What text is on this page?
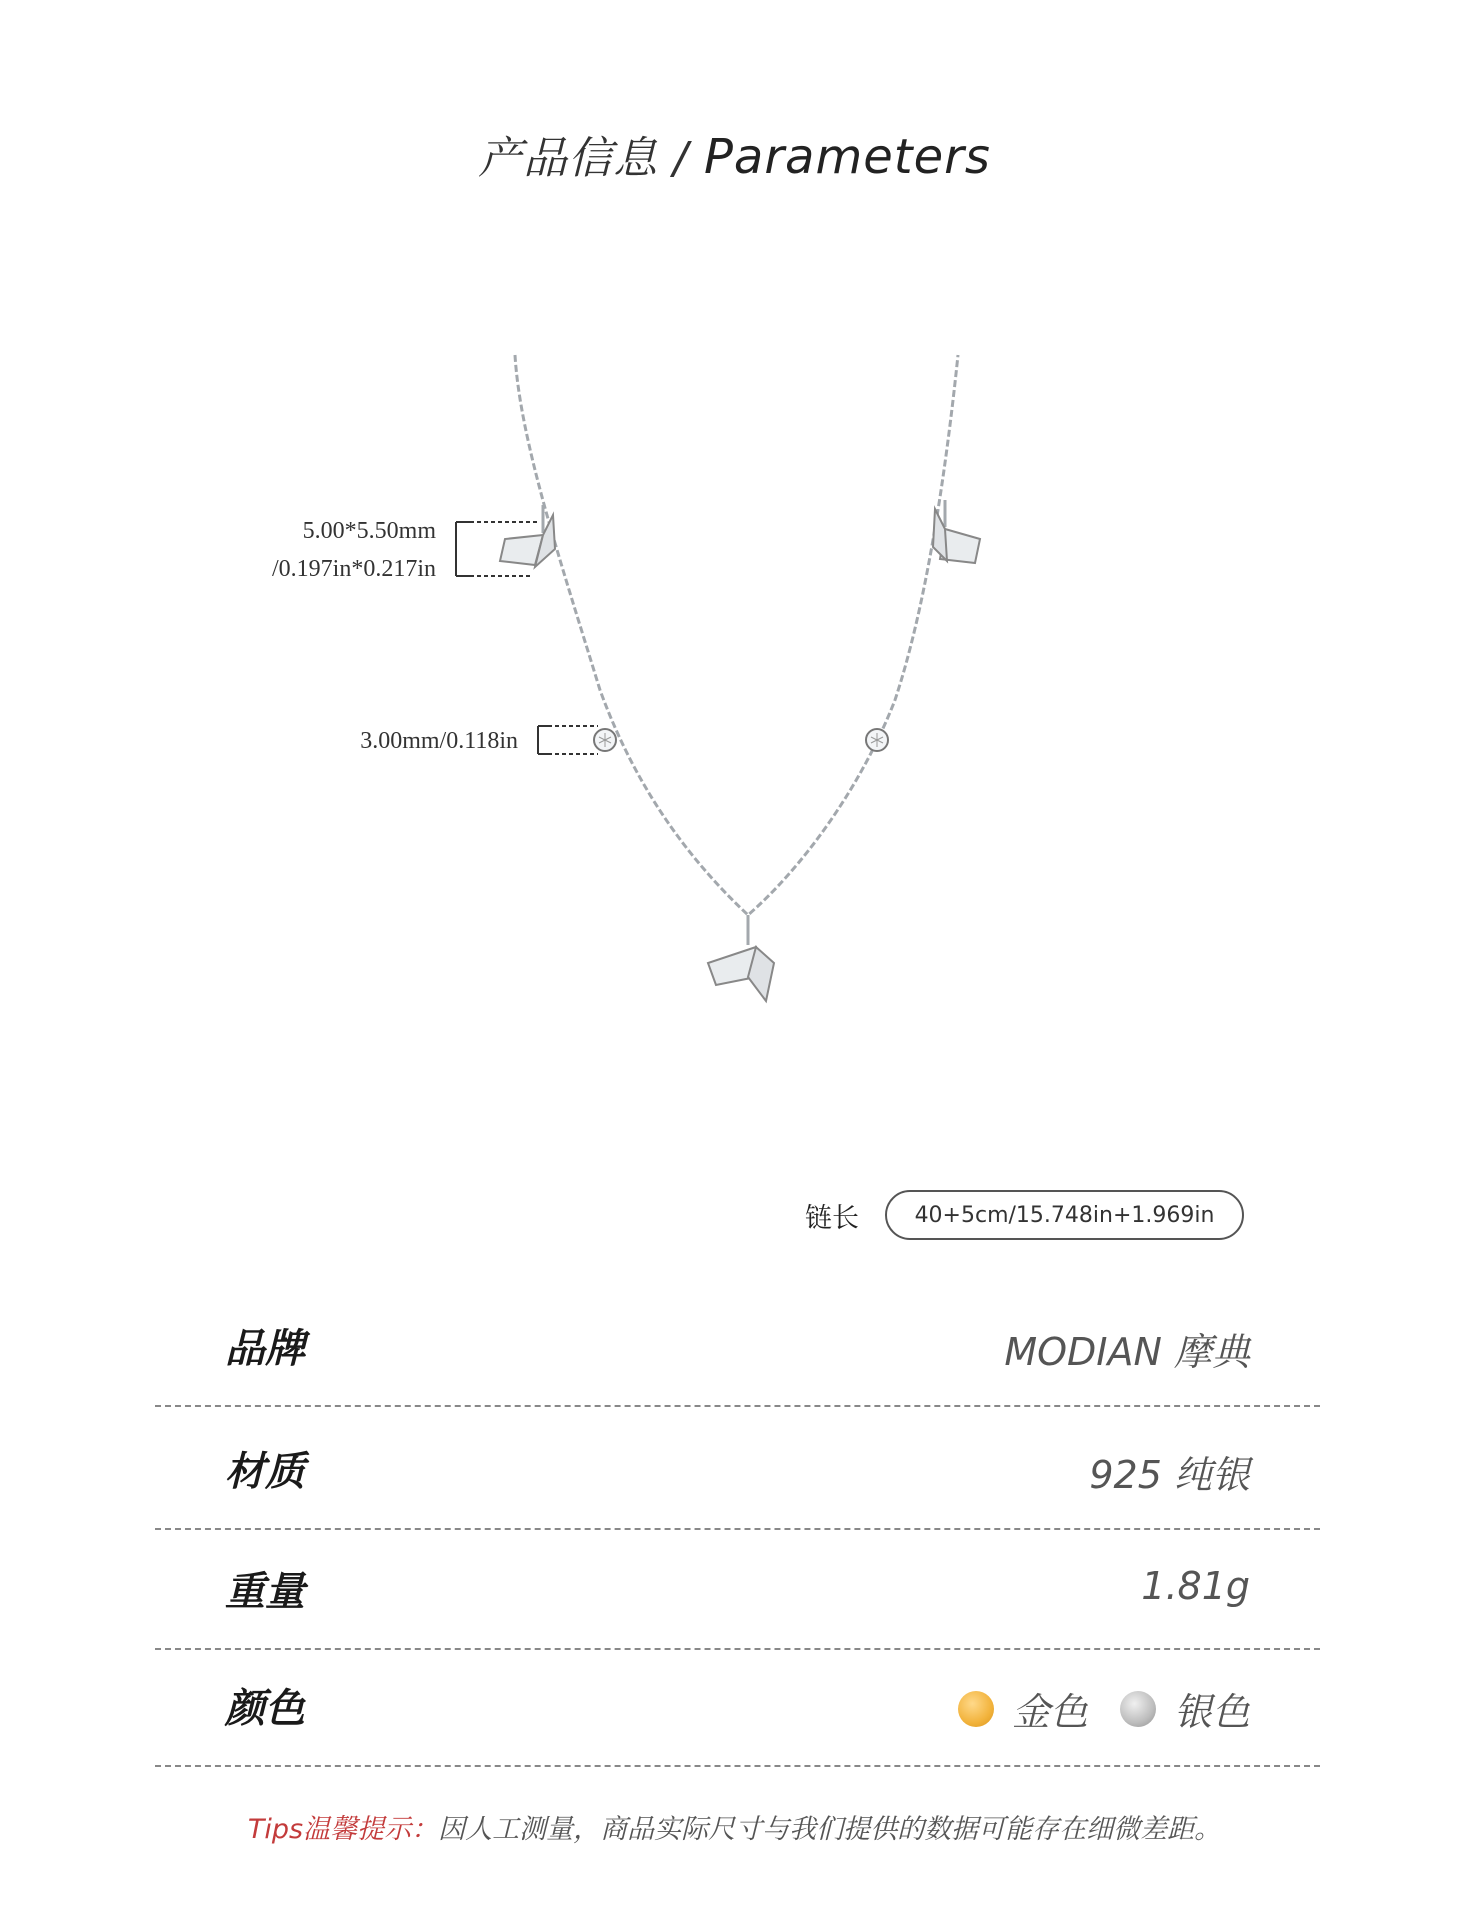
产品信息 / Parameters
5.00*5.50mm
/0.197in*0.217in
3.00mm/0.118in
链长	40+5cm/15.748in+1.969in
品牌	MODIAN 摩典
材质	925 纯银
重量	1.81g
颜色	金色 银色
Tips温馨提示：因人工测量，商品实际尺寸与我们提供的数据可能存在细微差距。
